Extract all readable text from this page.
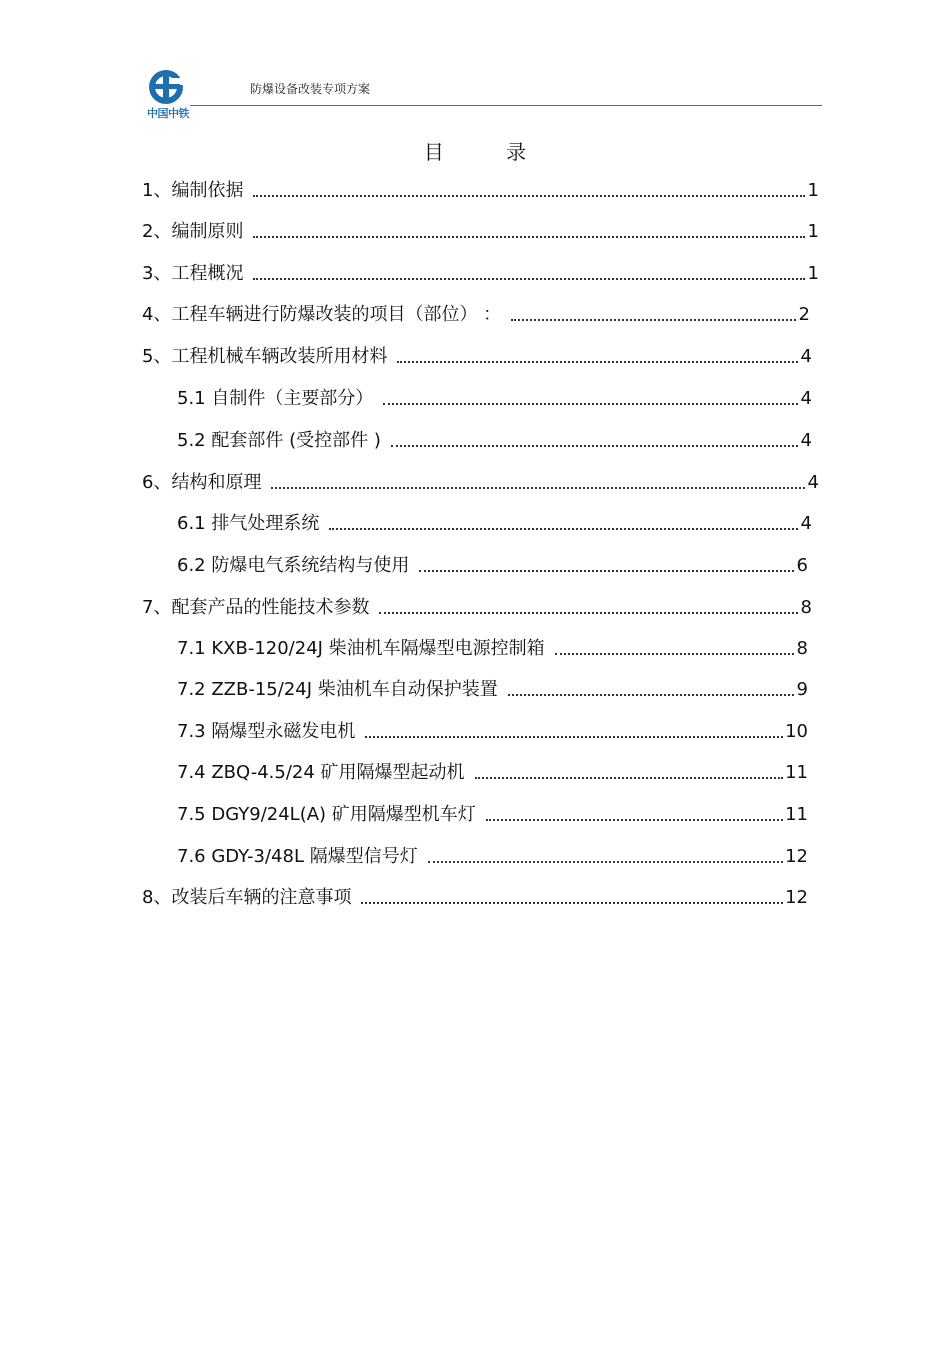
中国中铁
防爆设备改装专项方案
目 录
1、编制依据	1
2、编制原则	1
3、工程概况	1
4、工程车辆进行防爆改装的项目（部位） ：	2
5、工程机械车辆改装所用材料	4
5.1 自制件（主要部分）	4
5.2 配套部件 (受控部件 )	4
6、结构和原理	4
6.1 排气处理系统	4
6.2 防爆电气系统结构与使用	6
7、配套产品的性能技术参数	8
7.1 KXB-120/24J 柴油机车隔爆型电源控制箱	8
7.2 ZZB-15/24J 柴油机车自动保护装置	9
7.3 隔爆型永磁发电机	10
7.4 ZBQ-4.5/24 矿用隔爆型起动机	11
7.5 DGY9/24L(A) 矿用隔爆型机车灯	11
7.6 GDY-3/48L 隔爆型信号灯	12
8、改装后车辆的注意事项	12
